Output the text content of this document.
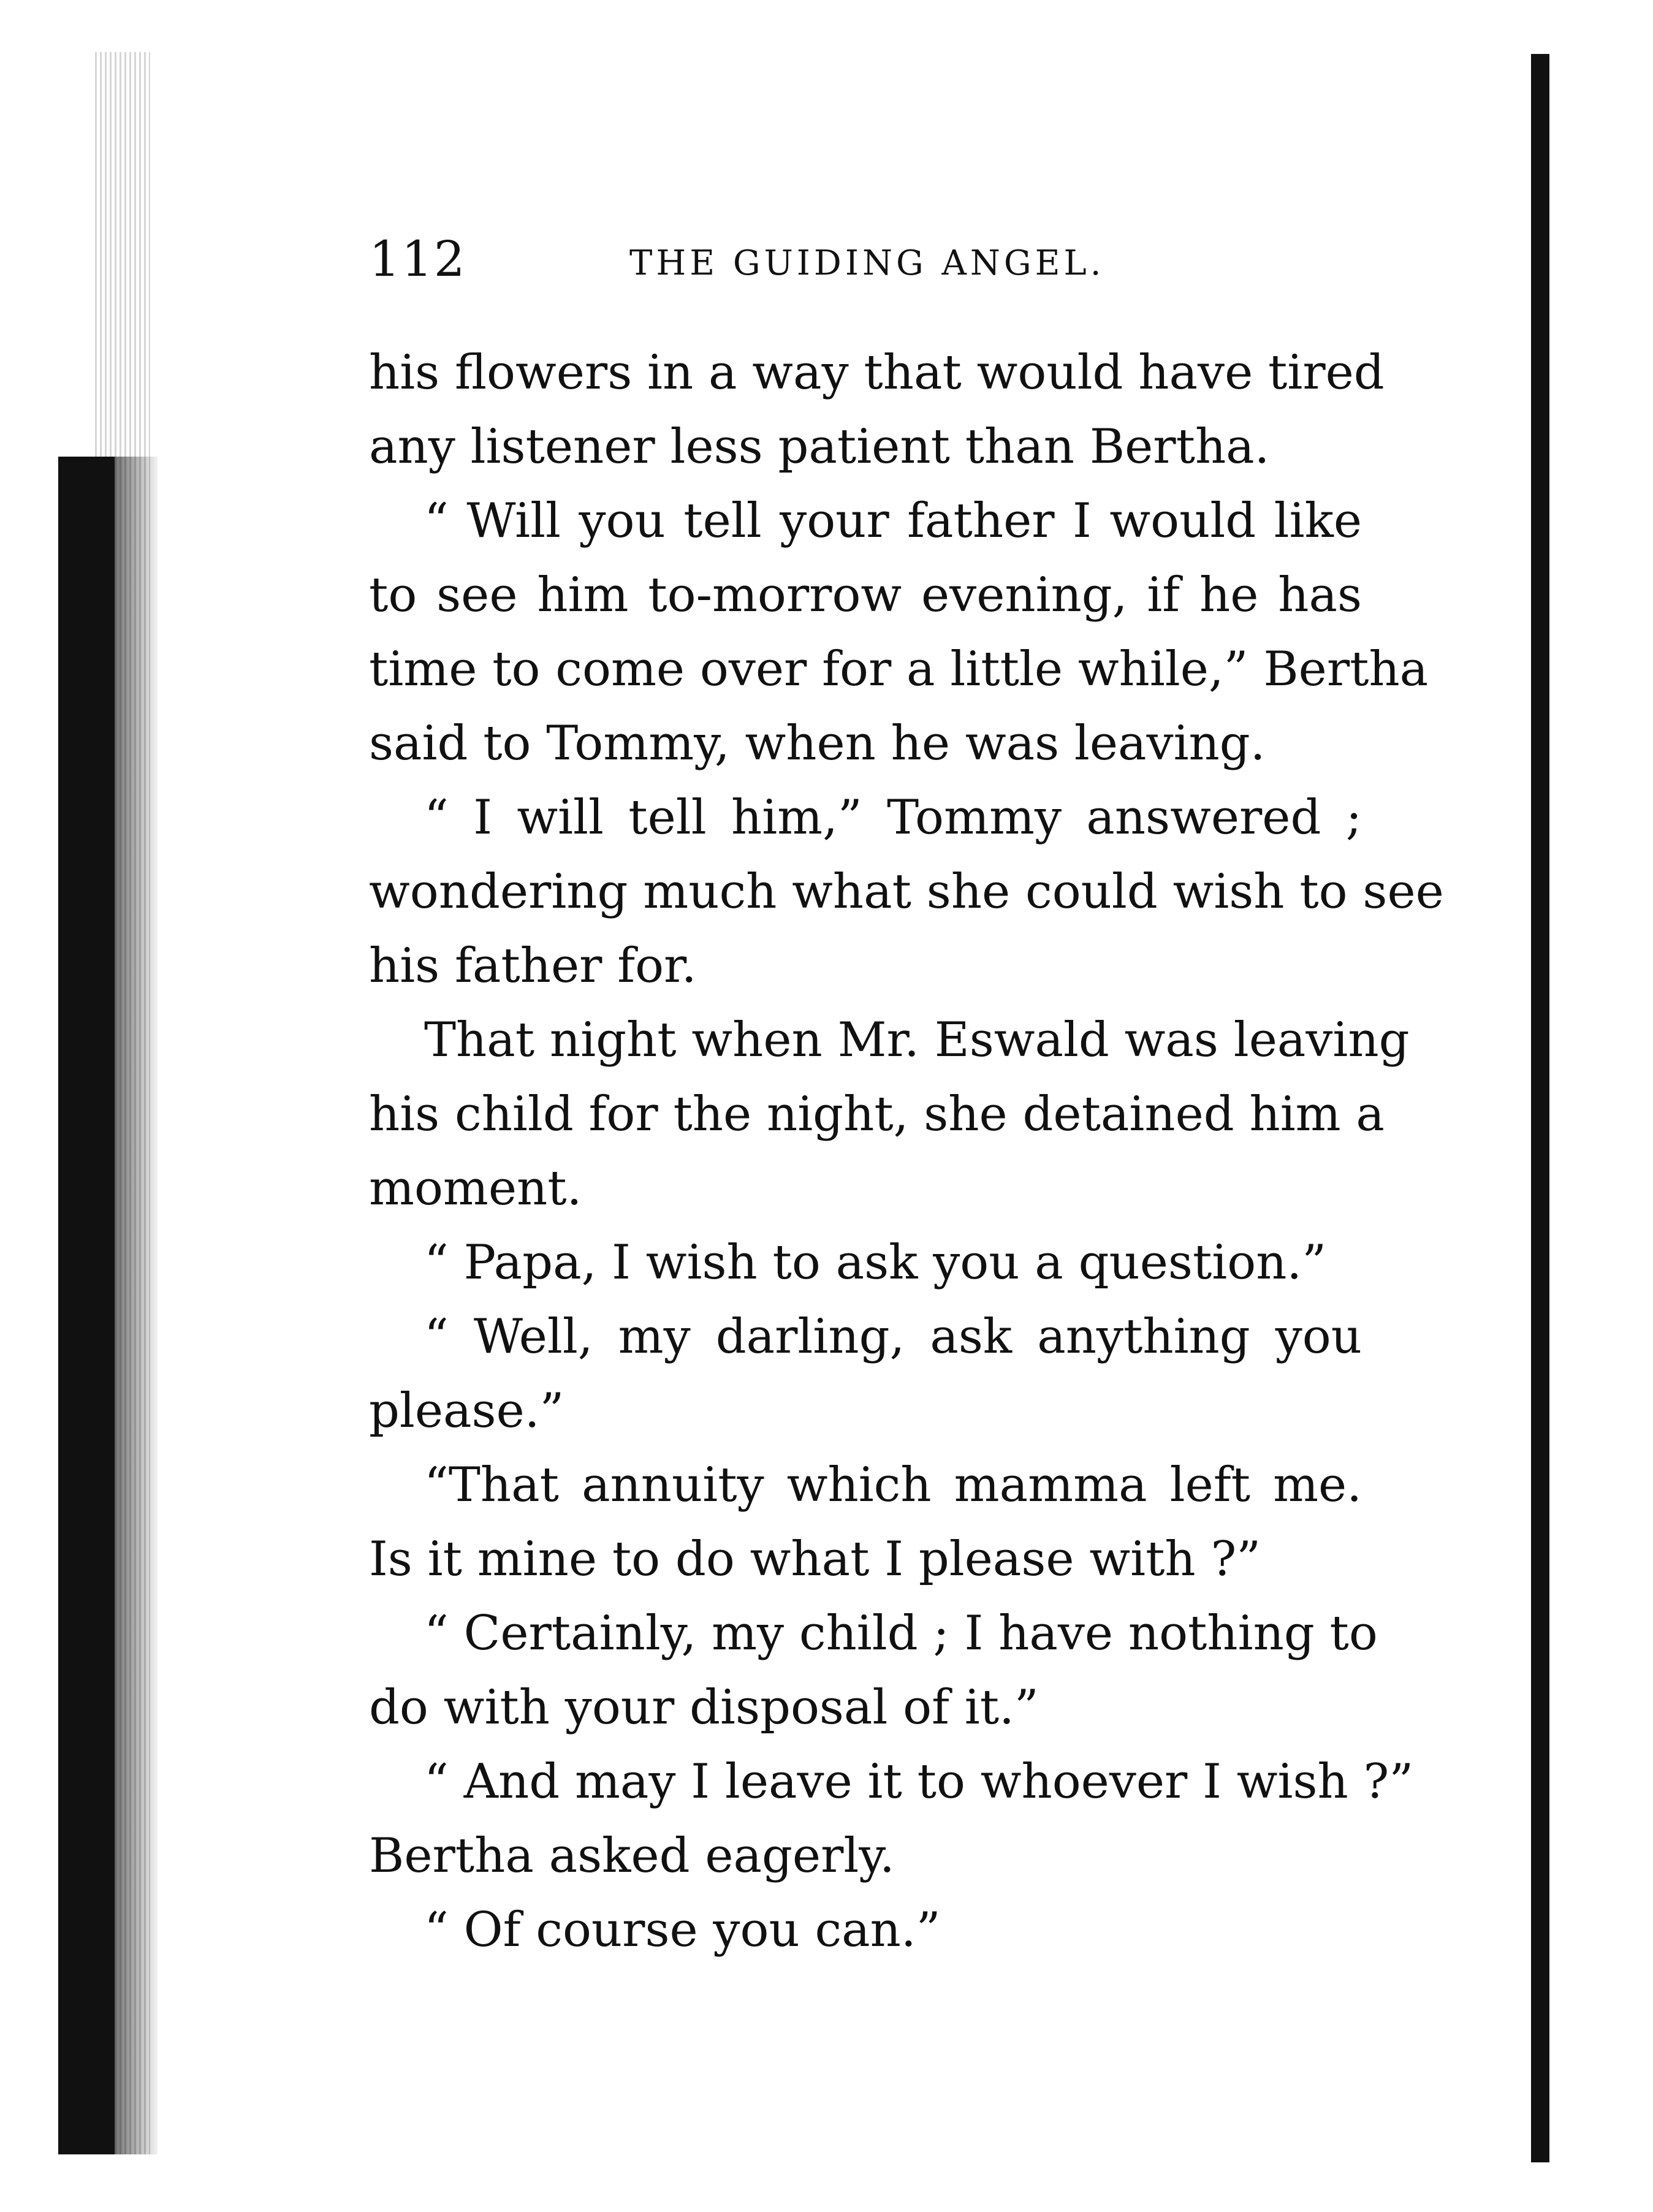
112	THE GUIDING ANGEL.
his flowers in a way that would have tired
any listener less patient than Bertha.
“ Will you tell your father I would like
to see him to-morrow evening, if he has
time to come over for a little while,” Bertha
said to Tommy, when he was leaving.
“ I will tell him,” Tommy answered ;
wondering much what she could wish to see
his father for.
That night when Mr. Eswald was leaving
his child for the night, she detained him a
moment.
“ Papa, I wish to ask you a question.”
“ Well, my darling, ask anything you
please.”
“That annuity which mamma left me.
Is it mine to do what I please with ?”
“ Certainly, my child ; I have nothing to
do with your disposal of it.”
“ And may I leave it to whoever I wish ?”
Bertha asked eagerly.
“ Of course you can.”
